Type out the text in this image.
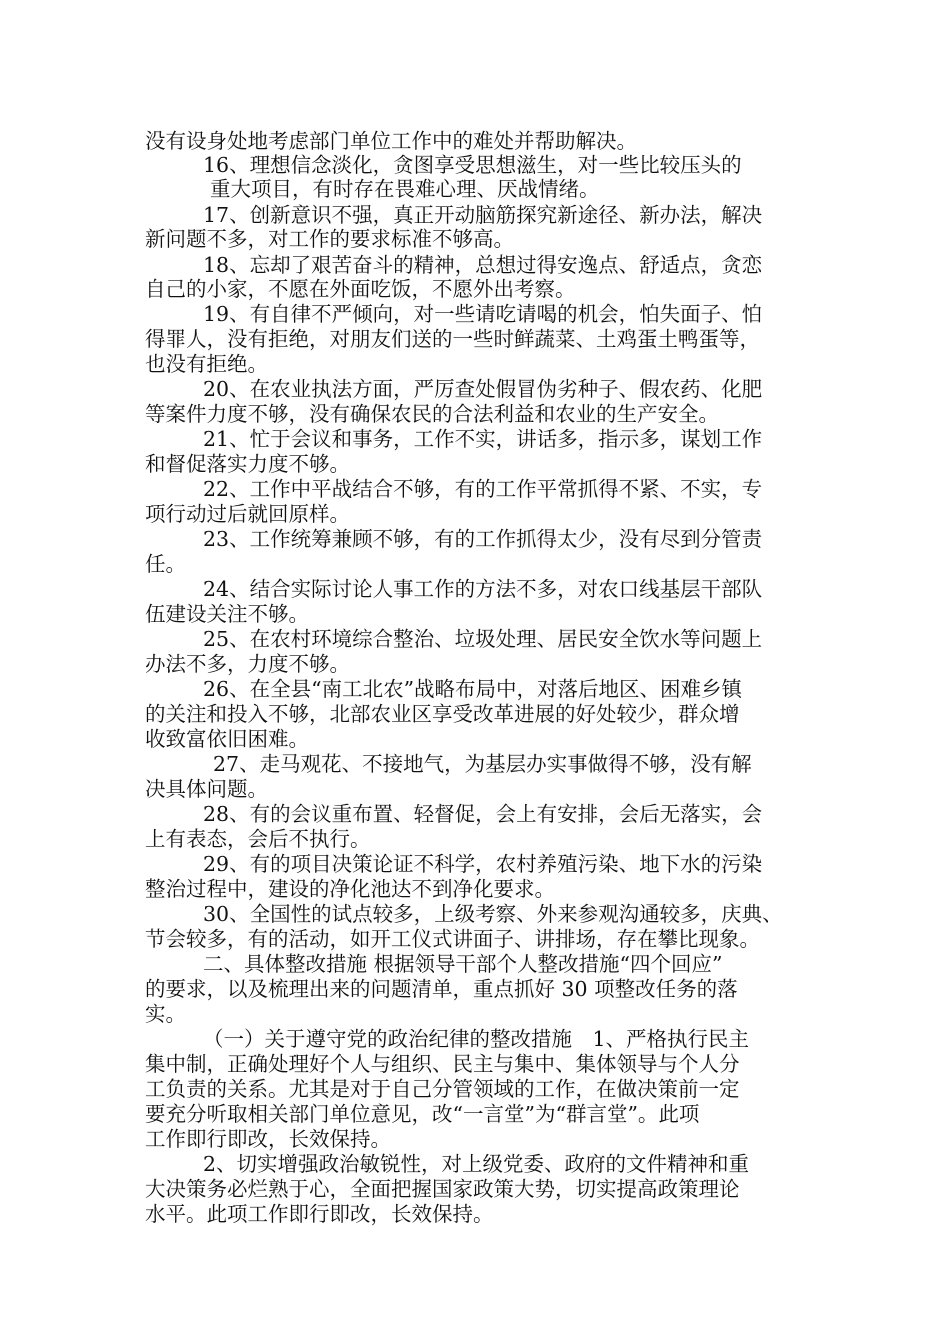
没有设身处地考虑部门单位工作中的难处并帮助解决。

16、理想信念淡化，贪图享受思想滋生，对一些比较压头的

重大项目，有时存在畏难心理、厌战情绪。

17、创新意识不强，真正开动脑筋探究新途径、新办法，解决

新问题不多，对工作的要求标准不够高。

18、忘却了艰苦奋斗的精神，总想过得安逸点、舒适点，贪恋

自己的小家，不愿在外面吃饭，不愿外出考察。

19、有自律不严倾向，对一些请吃请喝的机会，怕失面子、怕

得罪人，没有拒绝，对朋友们送的一些时鲜蔬菜、土鸡蛋土鸭蛋等，

也没有拒绝。

20、在农业执法方面，严厉查处假冒伪劣种子、假农药、化肥

等案件力度不够，没有确保农民的合法利益和农业的生产安全。

21、忙于会议和事务，工作不实，讲话多，指示多，谋划工作

和督促落实力度不够。

22、工作中平战结合不够，有的工作平常抓得不紧、不实，专

项行动过后就回原样。

23、工作统筹兼顾不够，有的工作抓得太少，没有尽到分管责

任。

24、结合实际讨论人事工作的方法不多，对农口线基层干部队

伍建设关注不够。

25、在农村环境综合整治、垃圾处理、居民安全饮水等问题上

办法不多，力度不够。

26、在全县“南工北农”战略布局中，对落后地区、困难乡镇

的关注和投入不够，北部农业区享受改革进展的好处较少，群众增

收致富依旧困难。

27、走马观花、不接地气，为基层办实事做得不够，没有解

决具体问题。

28、有的会议重布置、轻督促，会上有安排，会后无落实，会

上有表态，会后不执行。

29、有的项目决策论证不科学，农村养殖污染、地下水的污染

整治过程中，建设的净化池达不到净化要求。

30、全国性的试点较多，上级考察、外来参观沟通较多，庆典、

节会较多，有的活动，如开工仪式讲面子、讲排场，存在攀比现象。

二、具体整改措施 根据领导干部个人整改措施“四个回应”

的要求，以及梳理出来的问题清单，重点抓好 30 项整改任务的落

实。

（一）关于遵守党的政治纪律的整改措施　1、严格执行民主

集中制，正确处理好个人与组织、民主与集中、集体领导与个人分

工负责的关系。尤其是对于自己分管领域的工作，在做决策前一定

要充分听取相关部门单位意见，改“一言堂”为“群言堂”。此项

工作即行即改，长效保持。

2、切实增强政治敏锐性，对上级党委、政府的文件精神和重

大决策务必烂熟于心，全面把握国家政策大势，切实提高政策理论

水平。此项工作即行即改，长效保持。
